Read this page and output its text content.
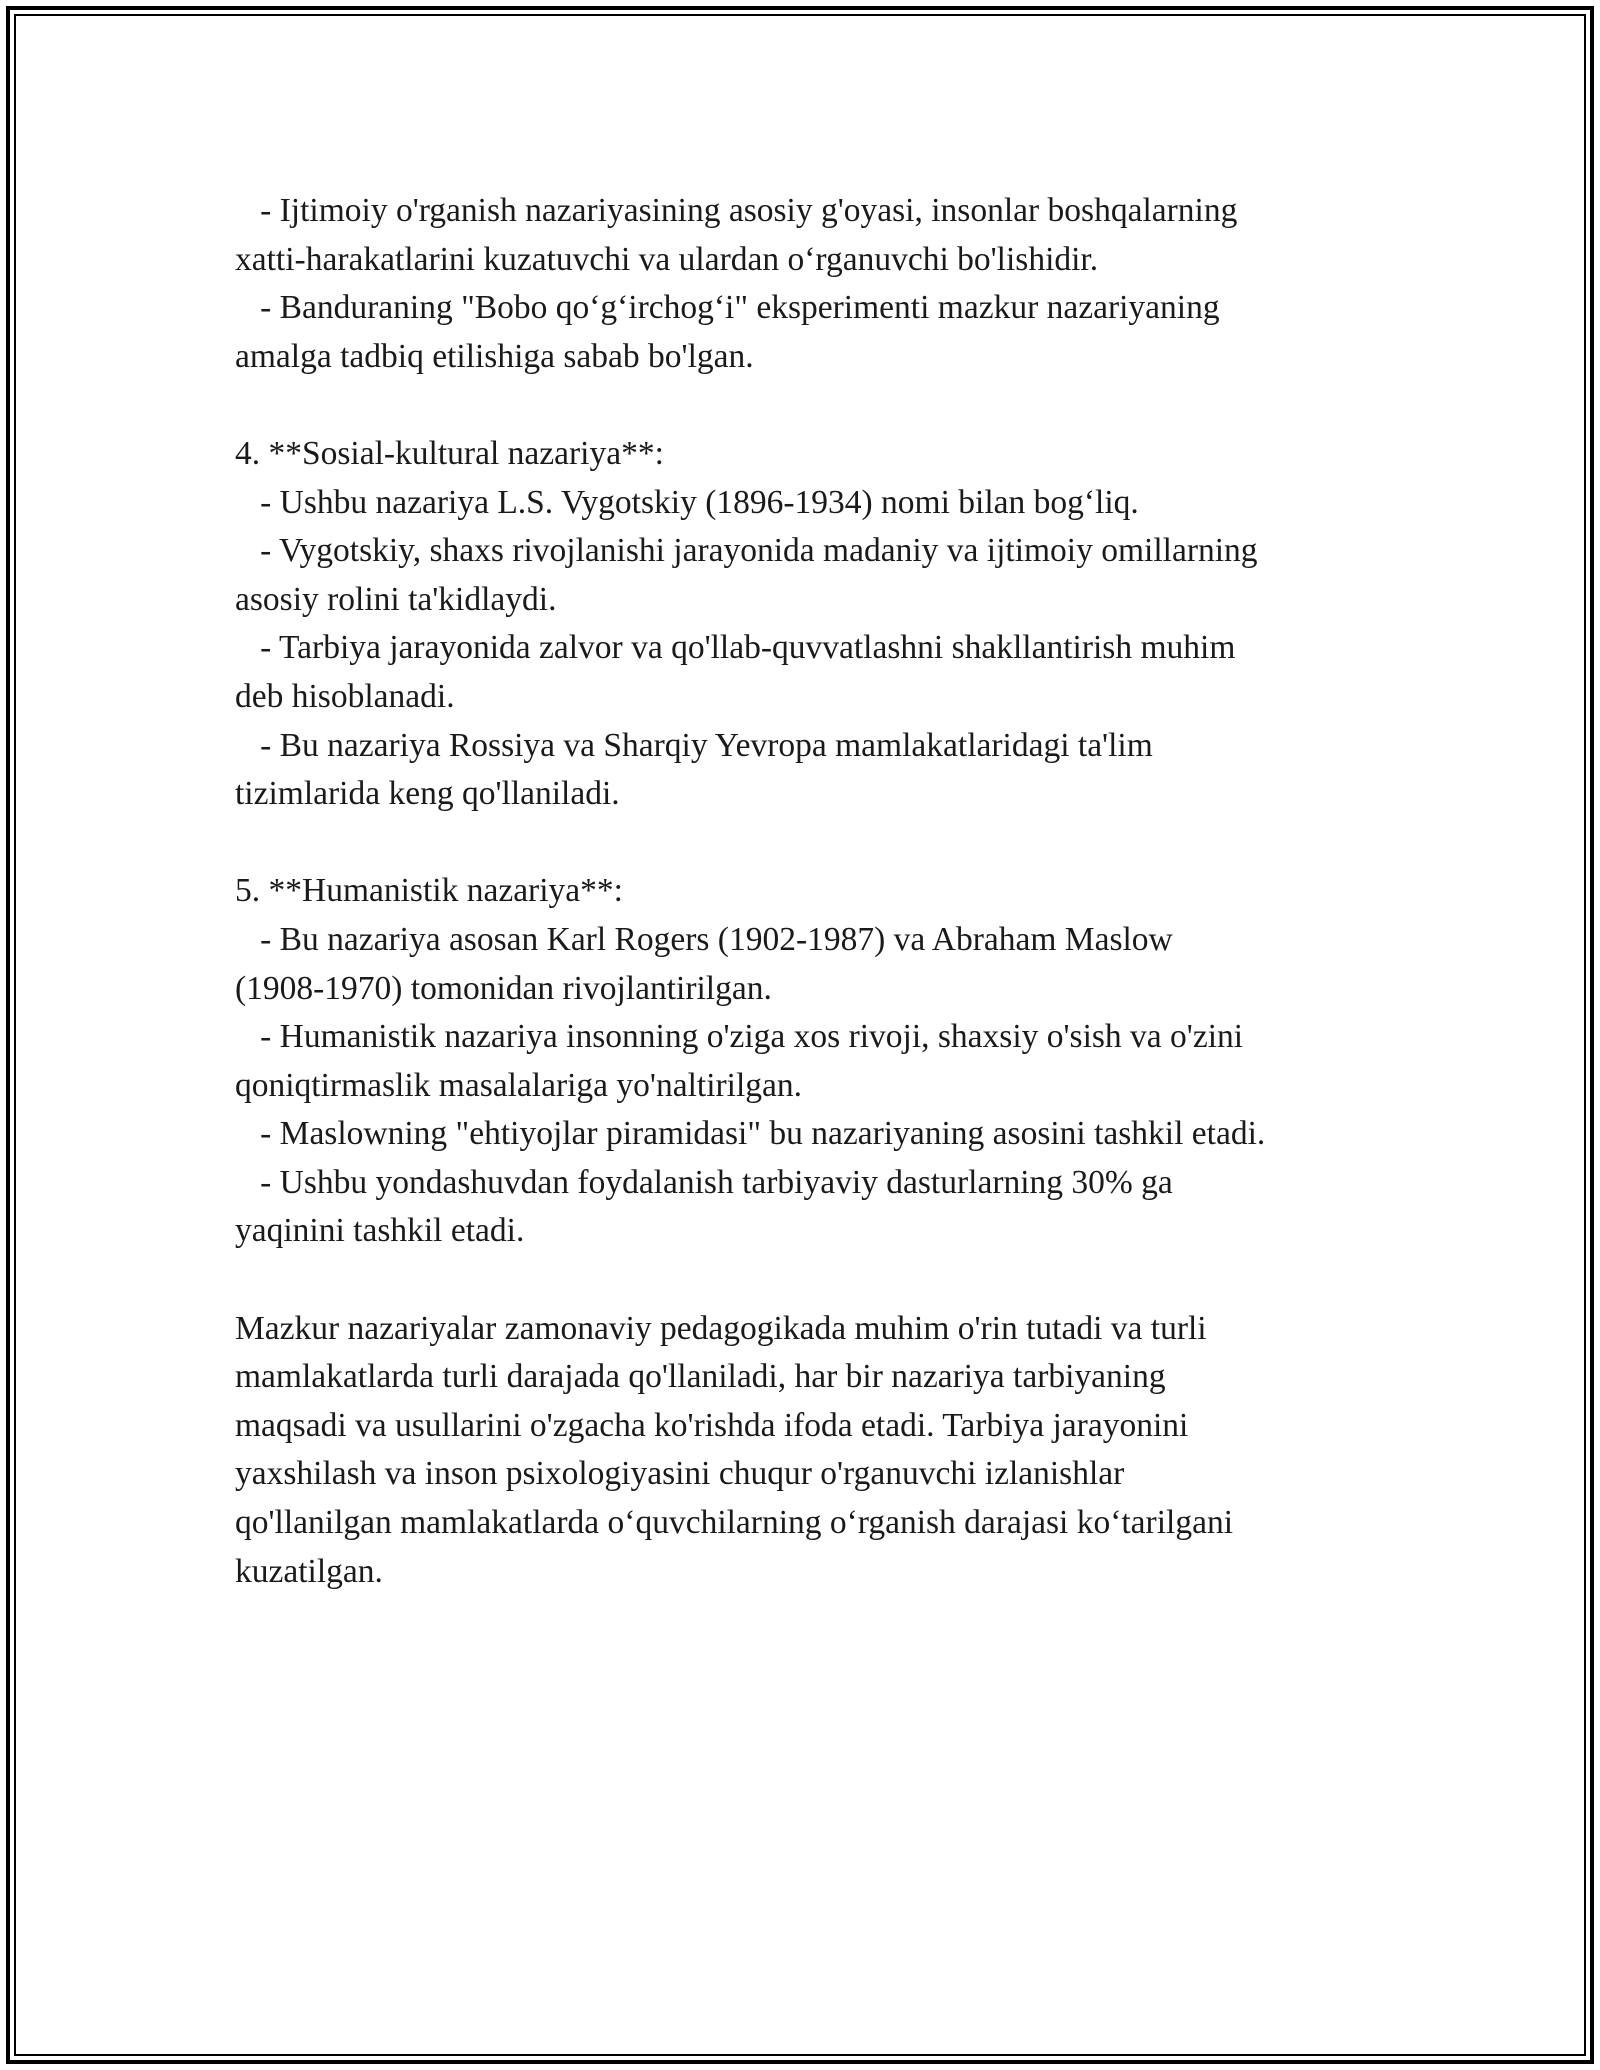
- Ijtimoiy o'rganish nazariyasining asosiy g'oyasi, insonlar boshqalarning
xatti-harakatlarini kuzatuvchi va ulardan o‘rganuvchi bo'lishidir.
- Banduraning "Bobo qo‘g‘irchog‘i" eksperimenti mazkur nazariyaning
amalga tadbiq etilishiga sabab bo'lgan.
4. **Sosial-kultural nazariya**:
- Ushbu nazariya L.S. Vygotskiy (1896-1934) nomi bilan bog‘liq.
- Vygotskiy, shaxs rivojlanishi jarayonida madaniy va ijtimoiy omillarning
asosiy rolini ta'kidlaydi.
- Tarbiya jarayonida zalvor va qo'llab-quvvatlashni shakllantirish muhim
deb hisoblanadi.
- Bu nazariya Rossiya va Sharqiy Yevropa mamlakatlaridagi ta'lim
tizimlarida keng qo'llaniladi.
5. **Humanistik nazariya**:
- Bu nazariya asosan Karl Rogers (1902-1987) va Abraham Maslow
(1908-1970) tomonidan rivojlantirilgan.
- Humanistik nazariya insonning o'ziga xos rivoji, shaxsiy o'sish va o'zini
qoniqtirmaslik masalalariga yo'naltirilgan.
- Maslowning "ehtiyojlar piramidasi" bu nazariyaning asosini tashkil etadi.
- Ushbu yondashuvdan foydalanish tarbiyaviy dasturlarning 30% ga
yaqinini tashkil etadi.
Mazkur nazariyalar zamonaviy pedagogikada muhim o'rin tutadi va turli
mamlakatlarda turli darajada qo'llaniladi, har bir nazariya tarbiyaning
maqsadi va usullarini o'zgacha ko'rishda ifoda etadi. Tarbiya jarayonini
yaxshilash va inson psixologiyasini chuqur o'rganuvchi izlanishlar
qo'llanilgan mamlakatlarda o‘quvchilarning o‘rganish darajasi ko‘tarilgani
kuzatilgan.
